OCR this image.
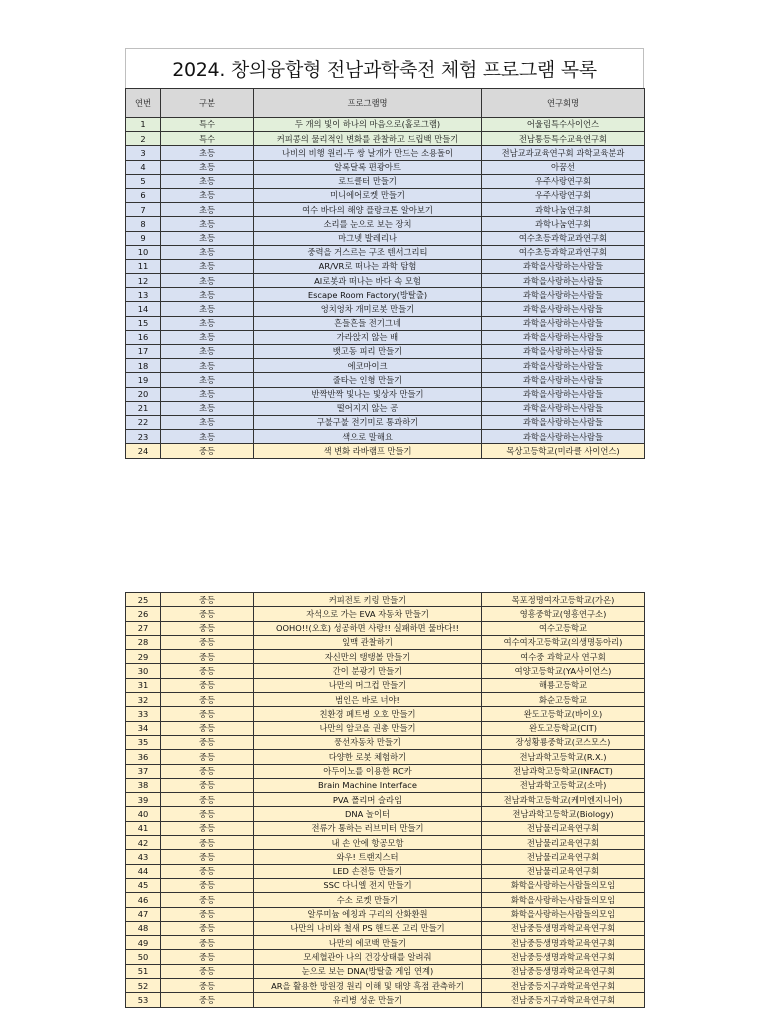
2024. 창의융합형 전남과학축전 체험 프로그램 목록
연번	구분	프로그램명	연구회명
1	특수	두 개의 빛이 하나의 마음으로(홀로그램)	어울림특수사이언스
2	특수	커피콩의 물리적인 변화를 관찰하고 드립백 만들기	전남통등특수교육연구회
3	초등	나비의 비행 원리-두 쌍 날개가 만드는 소용돌이	전남교과교육연구회 과학교육분과
4	초등	알록달록 편광아트	아꿈선
5	초등	로드클터 만들기	우주사랑연구회
6	초등	미니에어로켓 만들기	우주사랑연구회
7	초등	여수 바다의 해양 플랑크톤 알아보기	과학나눔연구회
8	초등	소리를 눈으로 보는 장치	과학나눔연구회
9	초등	마그넷 발레리나	여수초등과학교과연구회
10	초등	중력을 거스르는 구조 텐서그리티	여수초등과학교과연구회
11	초등	AR/VR로 떠나는 과학 탐험	과학을사랑하는사람들
12	초등	AI로봇과 떠나는 바다 속 모험	과학을사랑하는사람들
13	초등	Escape Room Factory(방탈출)	과학을사랑하는사람들
14	초등	엉치엉차 개미로봇 만들기	과학을사랑하는사람들
15	초등	흔들흔들 전기그네	과학을사랑하는사람들
16	초등	가라앉지 않는 배	과학을사랑하는사람들
17	초등	뱃고동 피리 만들기	과학을사랑하는사람들
18	초등	에코마이크	과학을사랑하는사람들
19	초등	줄타는 인형 만들기	과학을사랑하는사람들
20	초등	반짝반짝 빛나는 빛상자 만들기	과학을사랑하는사람들
21	초등	떨어지지 않는 공	과학을사랑하는사람들
22	초등	구불구불 전기미로 통과하기	과학을사랑하는사람들
23	초등	색으로 말해요	과학을사랑하는사람들
24	중등	색 변화 라바램프 만들기	목상고등학교(미라클 사이언스)
25	중등	커피전토 키링 만들기	목포정명여자고등학교(가온)
26	중등	자석으로 가는 EVA 자동차 만들기	영흥중학교(영흥연구소)
27	중등	OOHO!!(오호) 성공하면 사랑!! 실패하면 물바다!!	여수고등학교
28	중등	잎맥 관찰하기	여수여자고등학교(의생명동아리)
29	중등	자신만의 탱탱볼 만들기	여수중 과학교사 연구회
30	중등	간이 분광기 만들기	여양고등학교(YA사이언스)
31	중등	나만의 머그컵 만들기	해룡고등학교
32	중등	범인은 바로 너야!	화순고등학교
33	중등	친환경 페트병 오호 만들기	완도고등학교(바이오)
34	중등	나만의 암코을 권총 만들기	완도고등학교(CIT)
35	중등	풍선자동차 만들기	장성황룡중학교(코스모스)
36	중등	다양한 로봇 체험하기	전남과학고등학교(R.X.)
37	중등	아두이노를 이용한 RC카	전남과학고등학교(INFACT)
38	중등	Brain Machine Interface	전남과학고등학교(소마)
39	중등	PVA 폴리머 슬라임	전남과학고등학교(케미엔지니어)
40	중등	DNA 놀이터	전남과학고등학교(Biology)
41	중등	전류가 통하는 러브미터 만들기	전남물리교육연구회
42	중등	내 손 안에 항공모함	전남물리교육연구회
43	중등	와우! 트랜지스터	전남물리교육연구회
44	중등	LED 손전등 만들기	전남물리교육연구회
45	중등	SSC 다니엘 전지 만들기	화학을사랑하는사람들의모임
46	중등	수소 로켓 만들기	화학을사랑하는사람들의모임
47	중등	알루미늄 에칭과 구리의 산화환원	화학을사랑하는사람들의모임
48	중등	나만의 나비와 철새 PS 핸드폰 고리 만들기	전남중등생명과학교육연구회
49	중등	나만의 에코백 만들기	전남중등생명과학교육연구회
50	중등	모세혈관아 나의 건강상태를 알려줘	전남중등생명과학교육연구회
51	중등	눈으로 보는 DNA(방탈출 게임 연계)	전남중등생명과학교육연구회
52	중등	AR을 활용한 망원경 원리 이해 및 태양 흑점 관측하기	전남중등지구과학교육연구회
53	중등	유리병 성운 만들기	전남중등지구과학교육연구회
